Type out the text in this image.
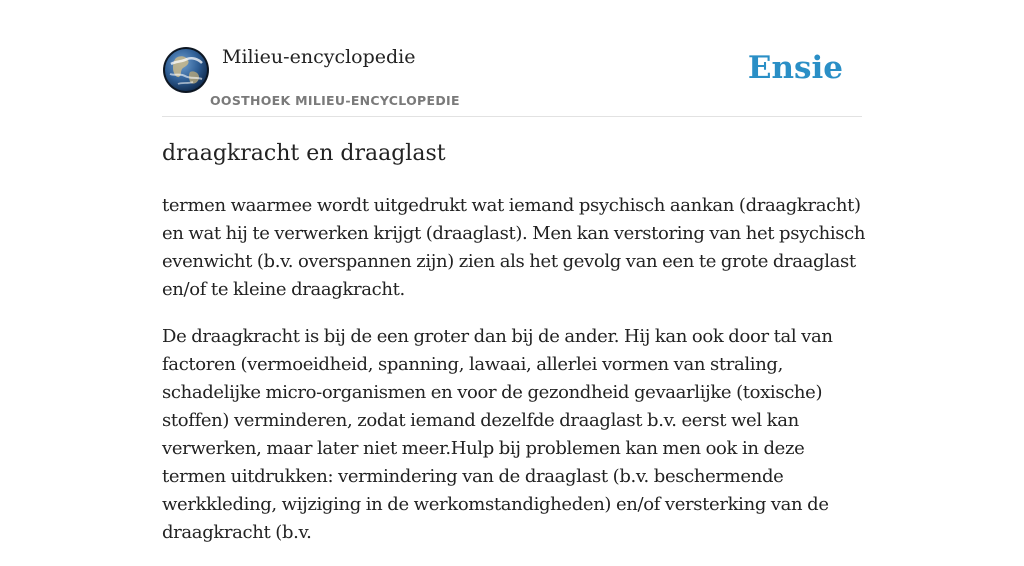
Milieu-encyclopedie
OOSTHOEK MILIEU-ENCYCLOPEDIE
Ensie
draagkracht en draaglast

termen waarmee wordt uitgedrukt wat iemand psychisch aankan (draagkracht) en wat hij te verwerken krijgt (draaglast). Men kan verstoring van het psychisch evenwicht (b.v. overspannen zijn) zien als het gevolg van een te grote draaglast en/of te kleine draagkracht.

De draagkracht is bij de een groter dan bij de ander. Hij kan ook door tal van factoren (vermoeidheid, spanning, lawaai, allerlei vormen van straling, schadelijke micro-organismen en voor de gezondheid gevaarlijke (toxische) stoffen) verminderen, zodat iemand dezelfde draaglast b.v. eerst wel kan verwerken, maar later niet meer.Hulp bij problemen kan men ook in deze termen uitdrukken: vermindering van de draaglast (b.v. beschermende werkkleding, wijziging in de werkomstandigheden) en/of versterking van de draagkracht (b.v.
